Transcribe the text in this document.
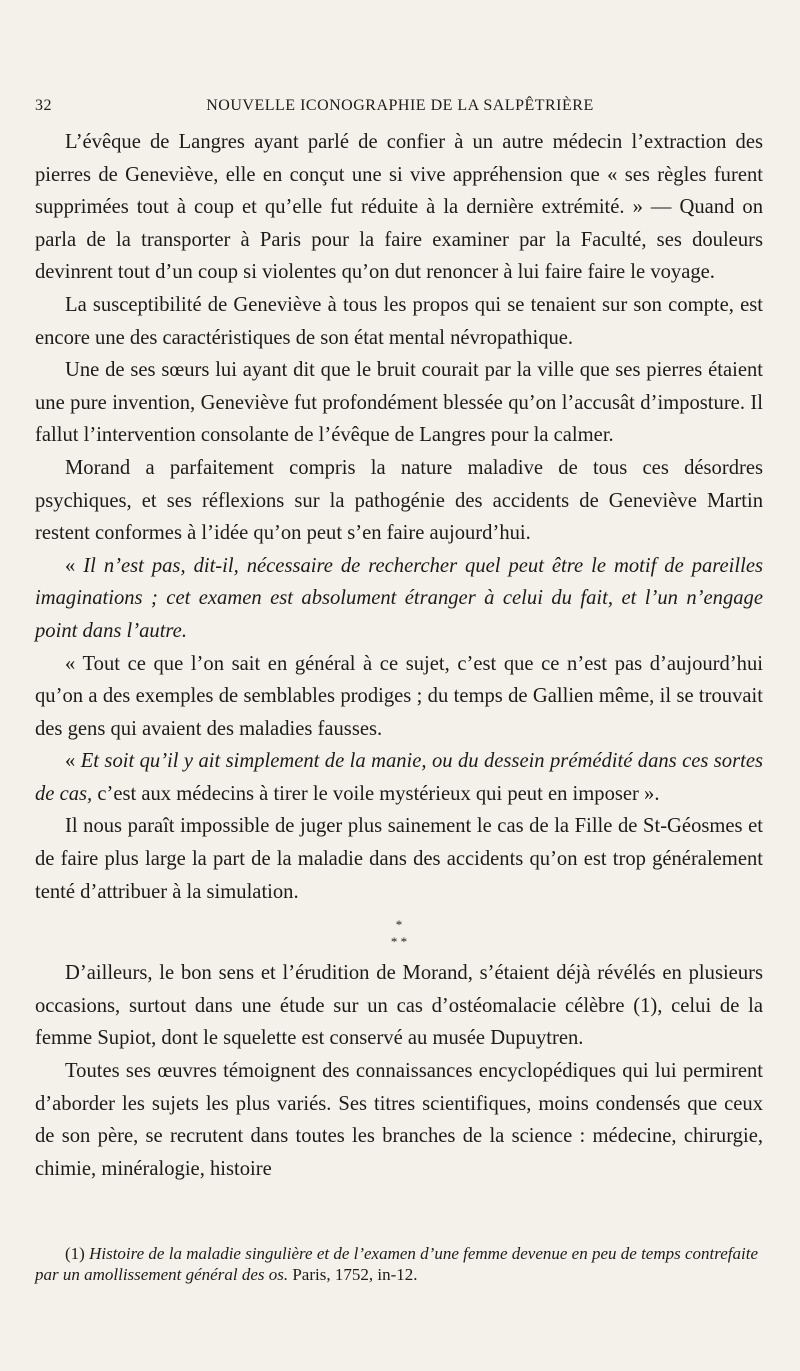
32	NOUVELLE ICONOGRAPHIE DE LA SALPÊTRIÈRE

L’évêque de Langres ayant parlé de confier à un autre médecin l’extraction des pierres de Geneviève, elle en conçut une si vive appréhension que « ses règles furent supprimées tout à coup et qu’elle fut réduite à la dernière extrémité. » — Quand on parla de la transporter à Paris pour la faire examiner par la Faculté, ses douleurs devinrent tout d’un coup si violentes qu’on dut renoncer à lui faire faire le voyage.

La susceptibilité de Geneviève à tous les propos qui se tenaient sur son compte, est encore une des caractéristiques de son état mental névropathique.

Une de ses sœurs lui ayant dit que le bruit courait par la ville que ses pierres étaient une pure invention, Geneviève fut profondément blessée qu’on l’accusât d’imposture. Il fallut l’intervention consolante de l’évêque de Langres pour la calmer.

Morand a parfaitement compris la nature maladive de tous ces désordres psychiques, et ses réflexions sur la pathogénie des accidents de Geneviève Martin restent conformes à l’idée qu’on peut s’en faire aujourd’hui.

« Il n’est pas, dit-il, nécessaire de rechercher quel peut être le motif de pareilles imaginations ; cet examen est absolument étranger à celui du fait, et l’un n’engage point dans l’autre.

« Tout ce que l’on sait en général à ce sujet, c’est que ce n’est pas d’aujourd’hui qu’on a des exemples de semblables prodiges ; du temps de Gallien même, il se trouvait des gens qui avaient des maladies fausses.

« Et soit qu’il y ait simplement de la manie, ou du dessein prémédité dans ces sortes de cas, c’est aux médecins à tirer le voile mystérieux qui peut en imposer ».

Il nous paraît impossible de juger plus sainement le cas de la Fille de St-Géosmes et de faire plus large la part de la maladie dans des accidents qu’on est trop généralement tenté d’attribuer à la simulation.

*
* *

D’ailleurs, le bon sens et l’érudition de Morand, s’étaient déjà révélés en plusieurs occasions, surtout dans une étude sur un cas d’ostéomalacie célèbre (1), celui de la femme Supiot, dont le squelette est conservé au musée Dupuytren.

Toutes ses œuvres témoignent des connaissances encyclopédiques qui lui permirent d’aborder les sujets les plus variés. Ses titres scientifiques, moins condensés que ceux de son père, se recrutent dans toutes les branches de la science : médecine, chirurgie, chimie, minéralogie, histoire

(1) Histoire de la maladie singulière et de l’examen d’une femme devenue en peu de temps contrefaite par un amollissement général des os. Paris, 1752, in-12.
